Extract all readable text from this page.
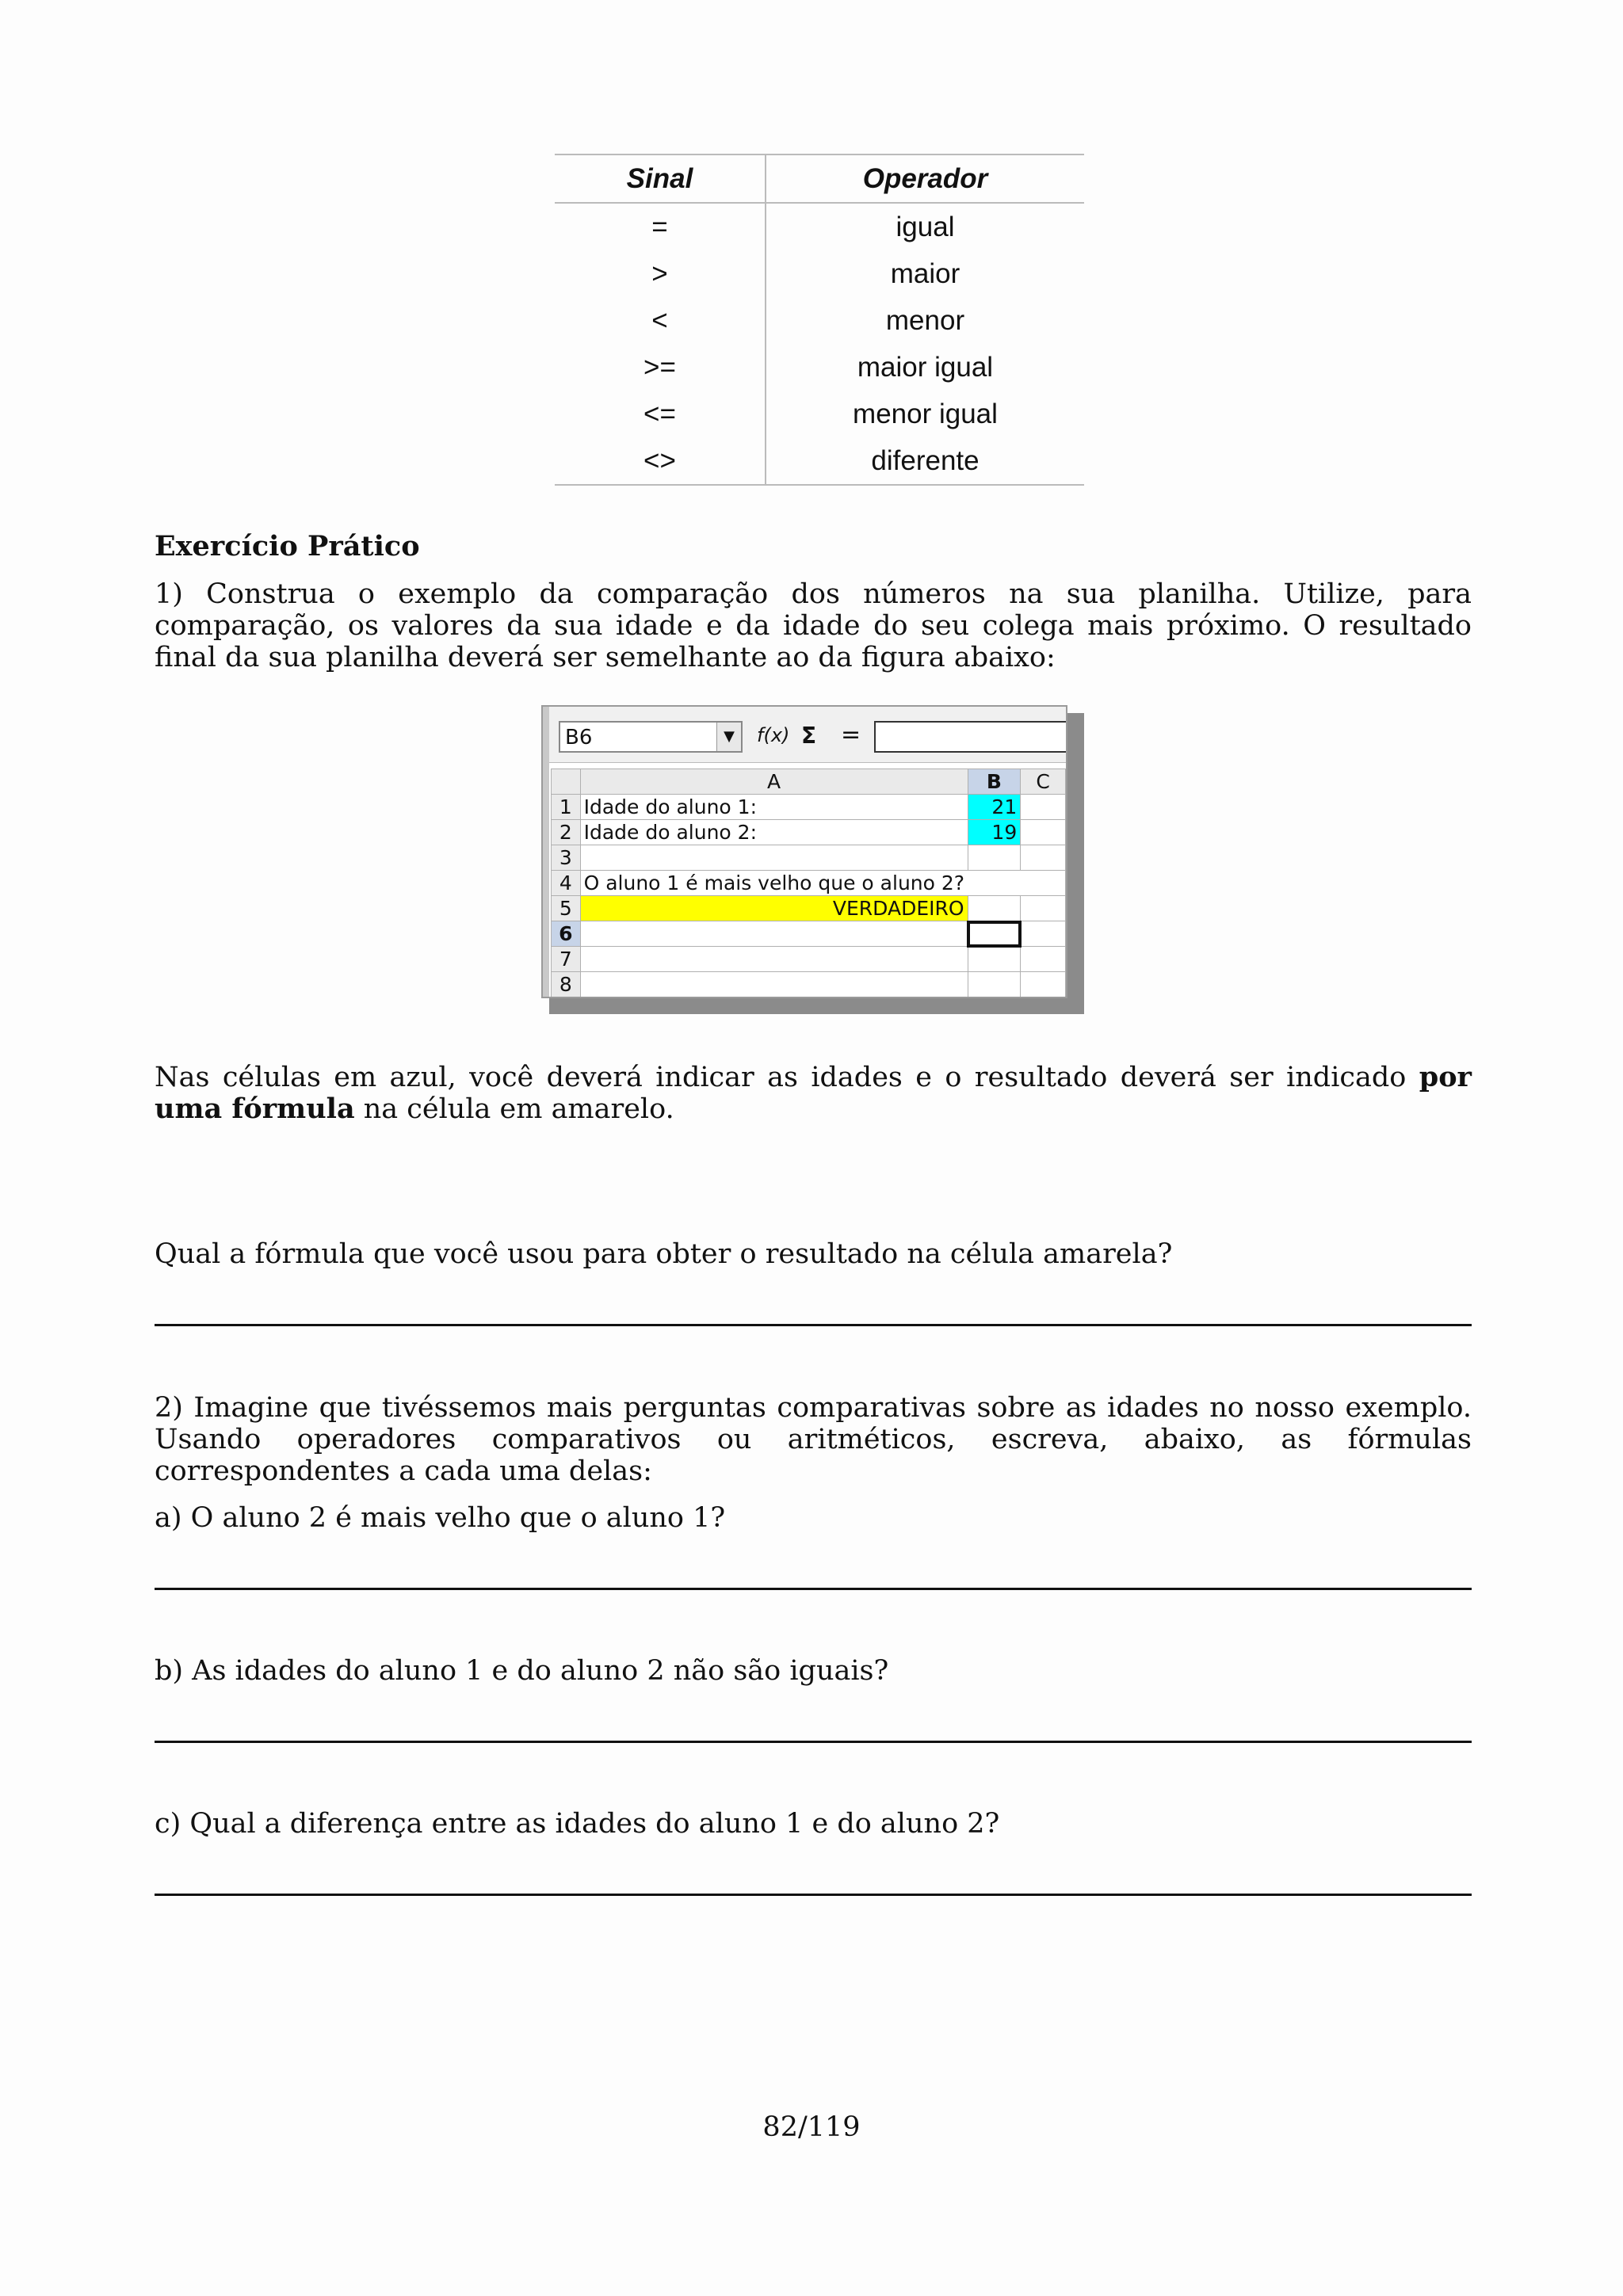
Sinal	Operador
=	igual
>	maior
<	menor
>=	maior igual
<=	menor igual
<>	diferente
Exercício Prático
1) Construa o exemplo da comparação dos números na sua planilha. Utilize, para comparação, os valores da sua idade e da idade do seu colega mais próximo. O resultado final da sua planilha deverá ser semelhante ao da figura abaixo:
B6	▼	f(x) Σ =
	A	B	C
1	Idade do aluno 1:	21	
2	Idade do aluno 2:	19	
3			
4	O aluno 1 é mais velho que o aluno 2?		
5	VERDADEIRO		
6			
7			
8			
Nas células em azul, você deverá indicar as idades e o resultado deverá ser indicado por uma fórmula na célula em amarelo.
Qual a fórmula que você usou para obter o resultado na célula amarela?
2) Imagine que tivéssemos mais perguntas comparativas sobre as idades no nosso exemplo. Usando operadores comparativos ou aritméticos, escreva, abaixo, as fórmulas correspondentes a cada uma delas:
a) O aluno 2 é mais velho que o aluno 1?
b) As idades do aluno 1 e do aluno 2 não são iguais?
c) Qual a diferença entre as idades do aluno 1 e do aluno 2?
82/119
